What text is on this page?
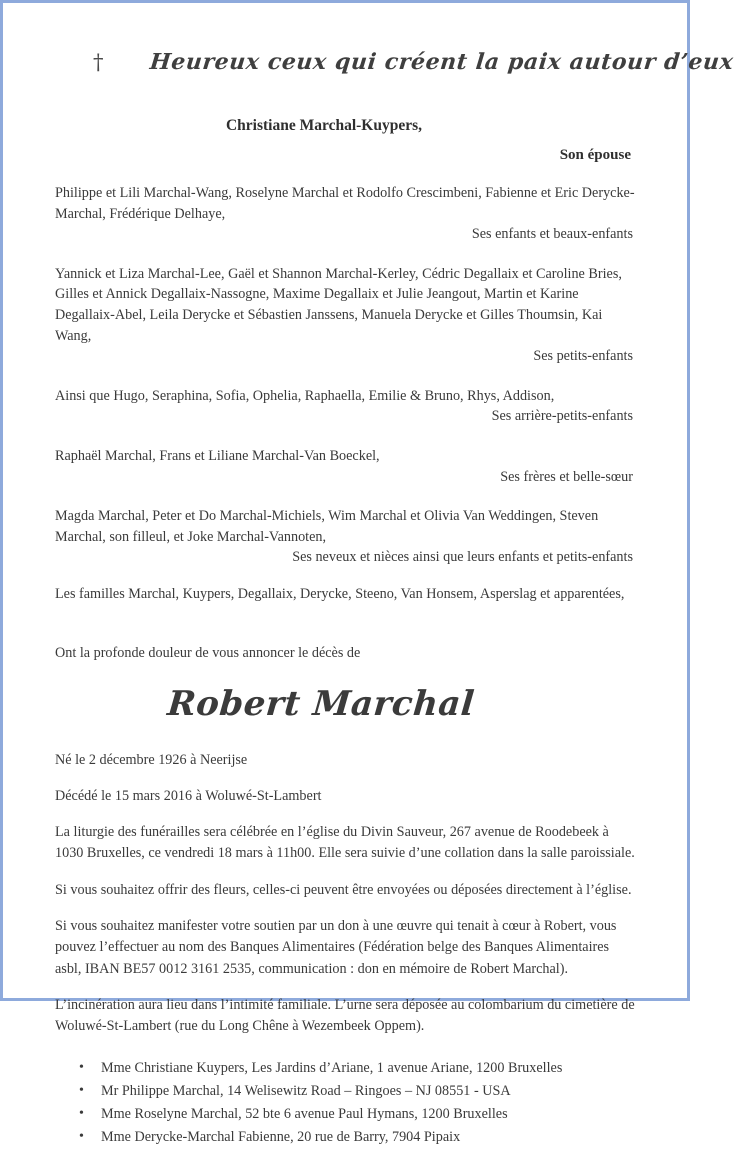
† Heureux ceux qui créent la paix autour d’eux
Christiane Marchal-Kuypers,
Son épouse
Philippe et Lili Marchal-Wang, Roselyne Marchal et Rodolfo Crescimbeni, Fabienne et Eric Derycke-Marchal, Frédérique Delhaye,
Ses enfants et beaux-enfants
Yannick et Liza Marchal-Lee, Gaël et Shannon Marchal-Kerley, Cédric Degallaix et Caroline Bries, Gilles et Annick Degallaix-Nassogne, Maxime Degallaix et Julie Jeangout, Martin et Karine Degallaix-Abel, Leila Derycke et Sébastien Janssens, Manuela Derycke et Gilles Thoumsin, Kai Wang,
Ses petits-enfants
Ainsi que Hugo, Seraphina, Sofia, Ophelia, Raphaella, Emilie & Bruno, Rhys, Addison,
Ses arrière-petits-enfants
Raphaël Marchal, Frans et Liliane Marchal-Van Boeckel,
Ses frères et belle-sœur
Magda Marchal, Peter et Do Marchal-Michiels, Wim Marchal et Olivia Van Weddingen, Steven Marchal, son filleul, et Joke Marchal-Vannoten,
Ses neveux et nièces ainsi que leurs enfants et petits-enfants
Les familles Marchal, Kuypers, Degallaix, Derycke, Steeno, Van Honsem, Asperslag et apparentées,
Ont la profonde douleur de vous annoncer le décès de
Robert Marchal
Né le 2 décembre 1926 à Neerijse
Décédé le 15 mars 2016 à Woluwé-St-Lambert
La liturgie des funérailles sera célébrée en l’église du Divin Sauveur, 267 avenue de Roodebeek à 1030 Bruxelles, ce vendredi 18 mars à 11h00. Elle sera suivie d’une collation dans la salle paroissiale.
Si vous souhaitez offrir des fleurs, celles-ci peuvent être envoyées ou déposées directement à l’église.
Si vous souhaitez manifester votre soutien par un don à une œuvre qui tenait à cœur à Robert, vous pouvez l’effectuer au nom des Banques Alimentaires (Fédération belge des Banques Alimentaires asbl, IBAN BE57 0012 3161 2535, communication : don en mémoire de Robert Marchal).
L’incinération aura lieu dans l’intimité familiale. L’urne sera déposée au colombarium du cimetière de Woluwé-St-Lambert (rue du Long Chêne à Wezembeek Oppem).
• Mme Christiane Kuypers, Les Jardins d’Ariane, 1 avenue Ariane, 1200 Bruxelles
• Mr Philippe Marchal, 14 Welisewitz Road – Ringoes – NJ 08551 - USA
• Mme Roselyne Marchal, 52 bte 6 avenue Paul Hymans, 1200 Bruxelles
• Mme Derycke-Marchal Fabienne, 20 rue de Barry, 7904 Pipaix
